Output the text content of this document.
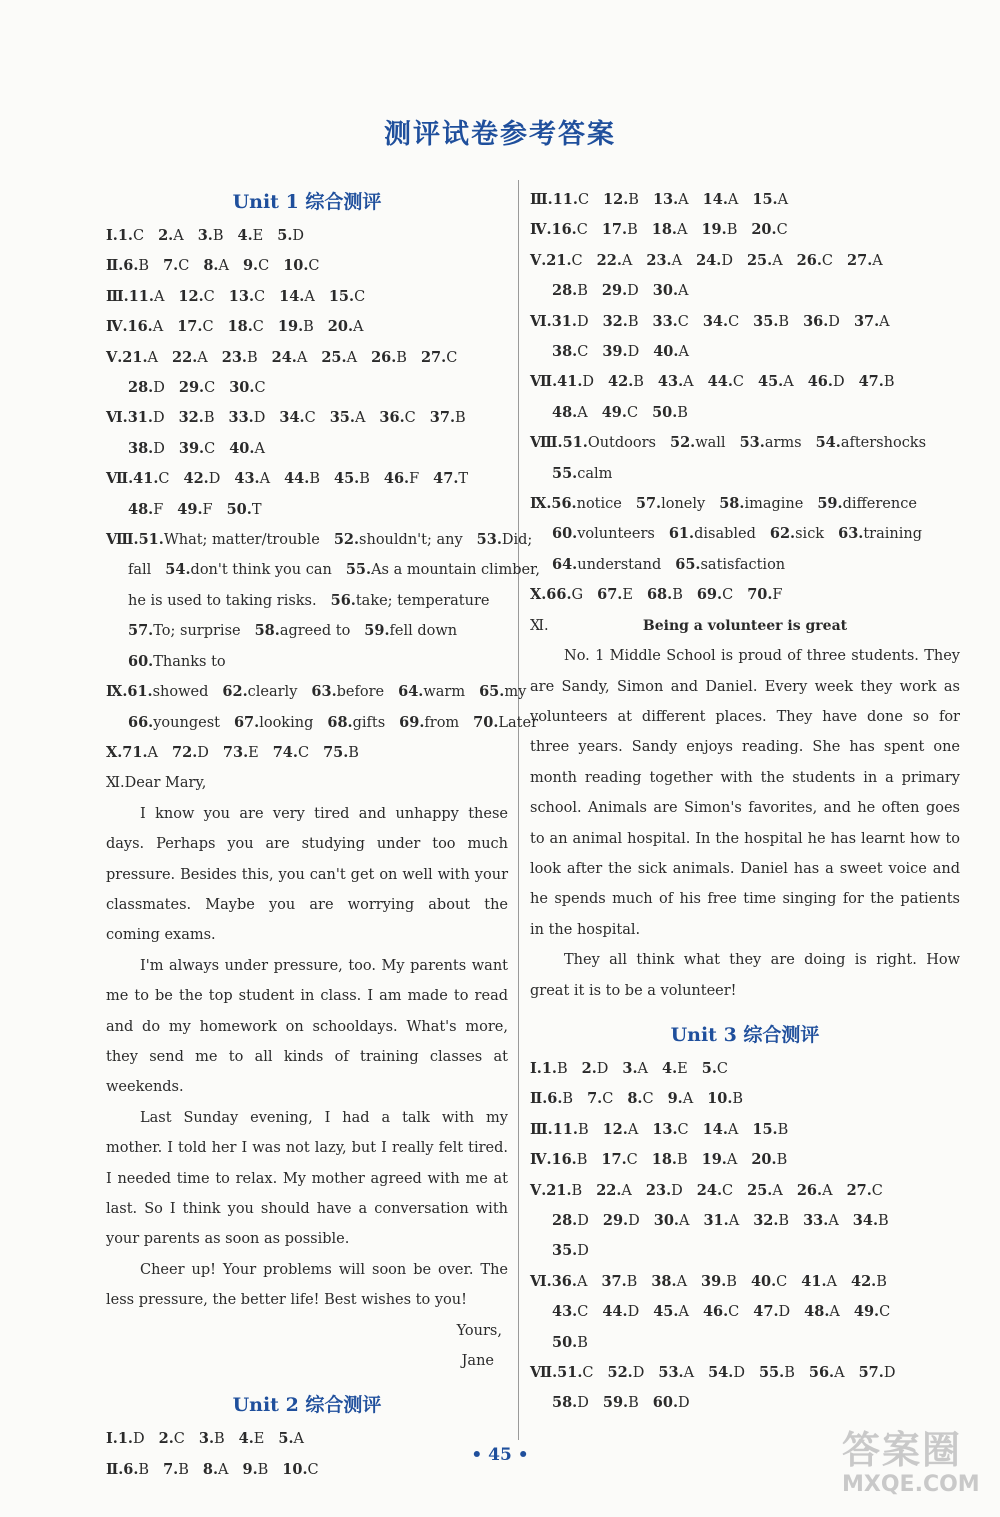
测评试卷参考答案
Unit 1 综合测评
Ⅰ.1.C 2.A 3.B 4.E 5.D
Ⅱ.6.B 7.C 8.A 9.C 10.C
Ⅲ.11.A 12.C 13.C 14.A 15.C
Ⅳ.16.A 17.C 18.C 19.B 20.A
Ⅴ.21.A 22.A 23.B 24.A 25.A 26.B 27.C
28.D 29.C 30.C
Ⅵ.31.D 32.B 33.D 34.C 35.A 36.C 37.B
38.D 39.C 40.A
Ⅶ.41.C 42.D 43.A 44.B 45.B 46.F 47.T
48.F 49.F 50.T
Ⅷ.51.What; matter/trouble 52.shouldn't; any 53.Did;
fall 54.don't think you can 55.As a mountain climber,
he is used to taking risks. 56.take; temperature
57.To; surprise 58.agreed to 59.fell down
60.Thanks to
Ⅸ.61.showed 62.clearly 63.before 64.warm 65.my
66.youngest 67.looking 68.gifts 69.from 70.Later
Ⅹ.71.A 72.D 73.E 74.C 75.B
Ⅺ.Dear Mary,
I know you are very tired and unhappy these days. Perhaps you are studying under too much pressure. Besides this, you can't get on well with your classmates. Maybe you are worrying about the coming exams.
I'm always under pressure, too. My parents want me to be the top student in class. I am made to read and do my homework on schooldays. What's more, they send me to all kinds of training classes at weekends.
Last Sunday evening, I had a talk with my mother. I told her I was not lazy, but I really felt tired. I needed time to relax. My mother agreed with me at last. So I think you should have a conversation with your parents as soon as possible.
Cheer up! Your problems will soon be over. The less pressure, the better life! Best wishes to you!
Yours,
Jane
Unit 2 综合测评
Ⅰ.1.D 2.C 3.B 4.E 5.A
Ⅱ.6.B 7.B 8.A 9.B 10.C
Ⅲ.11.C 12.B 13.A 14.A 15.A
Ⅳ.16.C 17.B 18.A 19.B 20.C
Ⅴ.21.C 22.A 23.A 24.D 25.A 26.C 27.A
28.B 29.D 30.A
Ⅵ.31.D 32.B 33.C 34.C 35.B 36.D 37.A
38.C 39.D 40.A
Ⅶ.41.D 42.B 43.A 44.C 45.A 46.D 47.B
48.A 49.C 50.B
Ⅷ.51.Outdoors 52.wall 53.arms 54.aftershocks
55.calm
Ⅸ.56.notice 57.lonely 58.imagine 59.difference
60.volunteers 61.disabled 62.sick 63.training
64.understand 65.satisfaction
Ⅹ.66.G 67.E 68.B 69.C 70.F
Ⅺ.	Being a volunteer is great
No. 1 Middle School is proud of three students. They are Sandy, Simon and Daniel. Every week they work as volunteers at different places. They have done so for three years. Sandy enjoys reading. She has spent one month reading together with the students in a primary school. Animals are Simon's favorites, and he often goes to an animal hospital. In the hospital he has learnt how to look after the sick animals. Daniel has a sweet voice and he spends much of his free time singing for the patients in the hospital.
They all think what they are doing is right. How great it is to be a volunteer!
Unit 3 综合测评
Ⅰ.1.B 2.D 3.A 4.E 5.C
Ⅱ.6.B 7.C 8.C 9.A 10.B
Ⅲ.11.B 12.A 13.C 14.A 15.B
Ⅳ.16.B 17.C 18.B 19.A 20.B
Ⅴ.21.B 22.A 23.D 24.C 25.A 26.A 27.C
28.D 29.D 30.A 31.A 32.B 33.A 34.B
35.D
Ⅵ.36.A 37.B 38.A 39.B 40.C 41.A 42.B
43.C 44.D 45.A 46.C 47.D 48.A 49.C
50.B
Ⅶ.51.C 52.D 53.A 54.D 55.B 56.A 57.D
58.D 59.B 60.D
• 45 •	答案圈
MXQE.COM
